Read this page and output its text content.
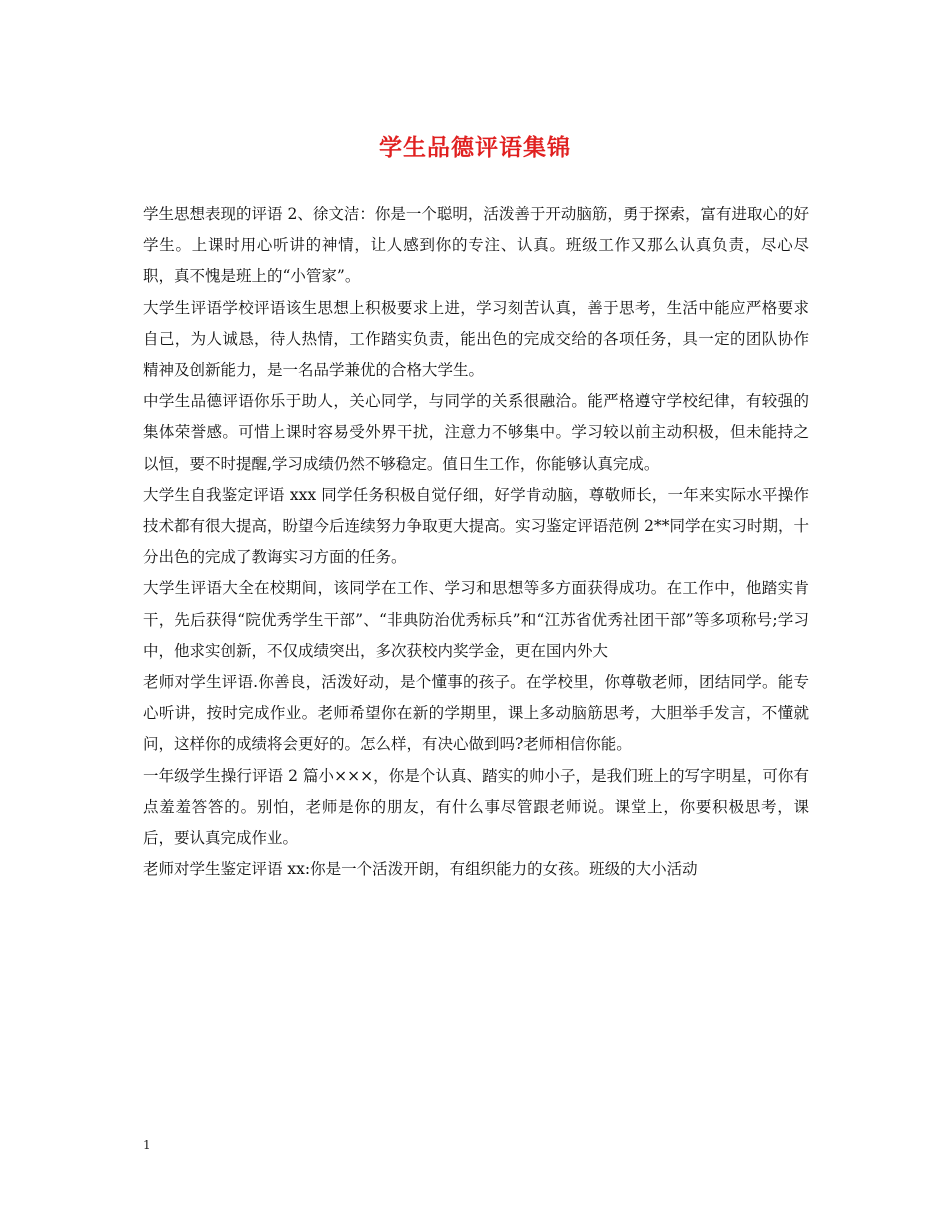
学生品德评语集锦

学生思想表现的评语 2、徐文洁：你是一个聪明，活泼善于开动脑筋，勇于探索，富有进取心的好学生。上课时用心听讲的神情，让人感到你的专注、认真。班级工作又那么认真负责，尽心尽职，真不愧是班上的“小管家”。

大学生评语学校评语该生思想上积极要求上进，学习刻苦认真，善于思考，生活中能应严格要求自己，为人诚恳，待人热情，工作踏实负责，能出色的完成交给的各项任务，具一定的团队协作精神及创新能力，是一名品学兼优的合格大学生。

中学生品德评语你乐于助人，关心同学，与同学的关系很融洽。能严格遵守学校纪律，有较强的集体荣誉感。可惜上课时容易受外界干扰，注意力不够集中。学习较以前主动积极，但未能持之以恒，要不时提醒,学习成绩仍然不够稳定。值日生工作，你能够认真完成。

大学生自我鉴定评语 xxx 同学任务积极自觉仔细，好学肯动脑，尊敬师长，一年来实际水平操作技术都有很大提高，盼望今后连续努力争取更大提高。实习鉴定评语范例 2**同学在实习时期，十分出色的完成了教诲实习方面的任务。

大学生评语大全在校期间，该同学在工作、学习和思想等多方面获得成功。在工作中，他踏实肯干，先后获得“院优秀学生干部”、“非典防治优秀标兵”和“江苏省优秀社团干部”等多项称号;学习中，他求实创新，不仅成绩突出，多次获校内奖学金，更在国内外大

老师对学生评语.你善良，活泼好动，是个懂事的孩子。在学校里，你尊敬老师，团结同学。能专心听讲，按时完成作业。老师希望你在新的学期里，课上多动脑筋思考，大胆举手发言，不懂就问，这样你的成绩将会更好的。怎么样，有决心做到吗?老师相信你能。

一年级学生操行评语 2 篇小×××，你是个认真、踏实的帅小子，是我们班上的写字明星，可你有点羞羞答答的。别怕，老师是你的朋友，有什么事尽管跟老师说。课堂上，你要积极思考，课后，要认真完成作业。

老师对学生鉴定评语 xx:你是一个活泼开朗，有组织能力的女孩。班级的大小活动

1
